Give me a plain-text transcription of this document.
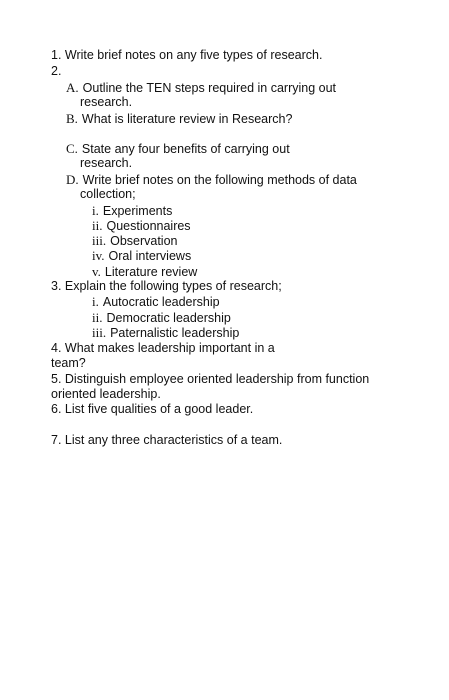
1. Write brief notes on any five types of research.
2.
A. Outline the TEN steps required in carrying out
research.
B. What is literature review in Research?
C. State any four benefits of carrying out
research.
D. Write brief notes on the following methods of data
collection;
i. Experiments
ii. Questionnaires
iii. Observation
iv. Oral interviews
v. Literature review
3. Explain the following types of research;
i. Autocratic leadership
ii. Democratic leadership
iii. Paternalistic leadership
4. What makes leadership important in a
team?
5. Distinguish employee oriented leadership from function
oriented leadership.
6. List five qualities of a good leader.
7. List any three characteristics of a team.
